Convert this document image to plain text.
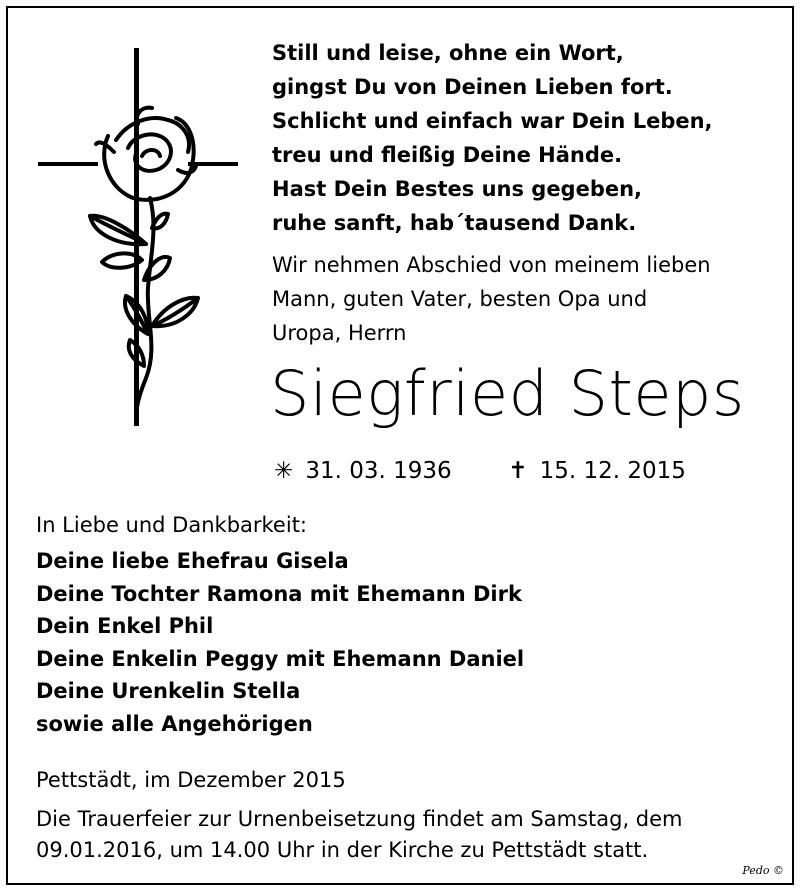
Still und leise, ohne ein Wort,
gingst Du von Deinen Lieben fort.
Schlicht und einfach war Dein Leben,
treu und fleißig Deine Hände.
Hast Dein Bestes uns gegeben,
ruhe sanft, hab´tausend Dank.
Wir nehmen Abschied von meinem lieben
Mann, guten Vater, besten Opa und
Uropa, Herrn
Siegfried Steps
✳ 31. 03. 1936 ✝ 15. 12. 2015
In Liebe und Dankbarkeit:
Deine liebe Ehefrau Gisela
Deine Tochter Ramona mit Ehemann Dirk
Dein Enkel Phil
Deine Enkelin Peggy mit Ehemann Daniel
Deine Urenkelin Stella
sowie alle Angehörigen
Pettstädt, im Dezember 2015
Die Trauerfeier zur Urnenbeisetzung findet am Samstag, dem
09.01.2016, um 14.00 Uhr in der Kirche zu Pettstädt statt.
Pedo ©
